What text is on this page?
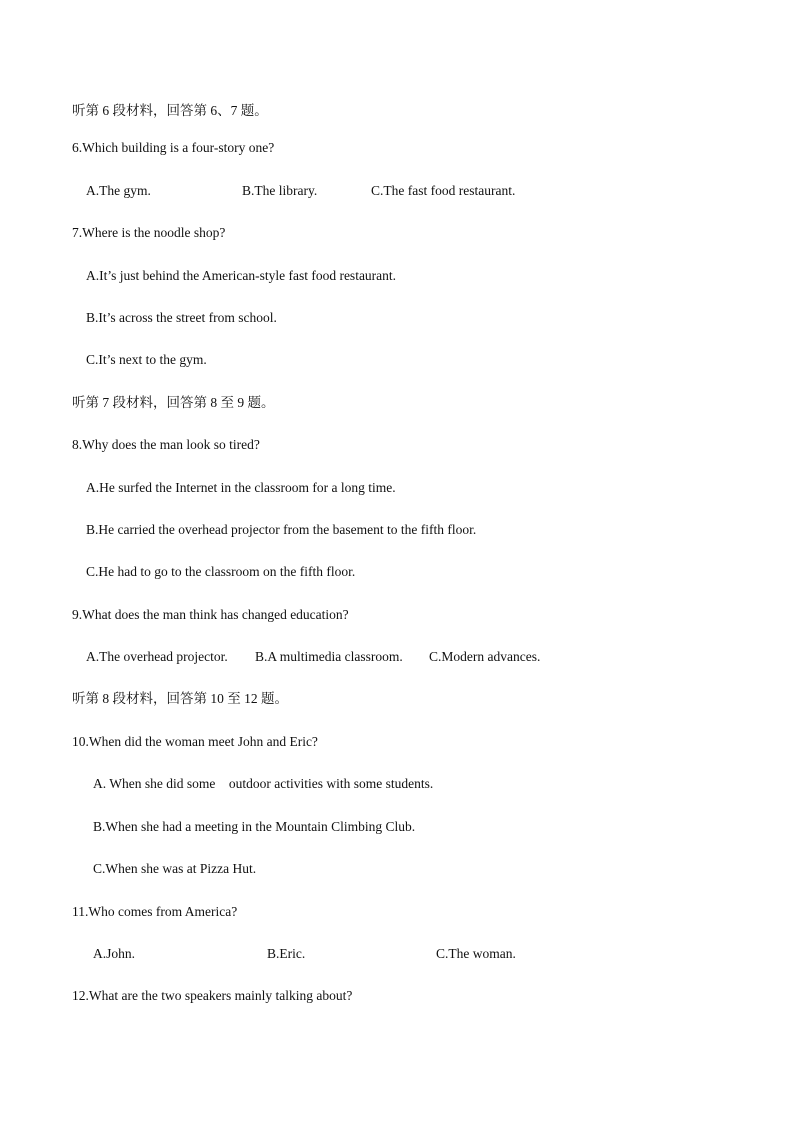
听第 6 段材料，回答第 6、7 题。
6.Which building is a four-story one?
A.The gym.	B.The library.	C.The fast food restaurant.
7.Where is the noodle shop?
A.It’s just behind the American-style fast food restaurant.
B.It’s across the street from school.
C.It’s next to the gym.
听第 7 段材料，回答第 8 至 9 题。
8.Why does the man look so tired?
A.He surfed the Internet in the classroom for a long time.
B.He carried the overhead projector from the basement to the fifth floor.
C.He had to go to the classroom on the fifth floor.
9.What does the man think has changed education?
A.The overhead projector. B.A multimedia classroom. C.Modern advances.
听第 8 段材料，回答第 10 至 12 题。
10.When did the woman meet John and Eric?
A. When she did some    outdoor activities with some students.
B.When she had a meeting in the Mountain Climbing Club.
C.When she was at Pizza Hut.
11.Who comes from America?
A.John.	B.Eric.	C.The woman.
12.What are the two speakers mainly talking about?
